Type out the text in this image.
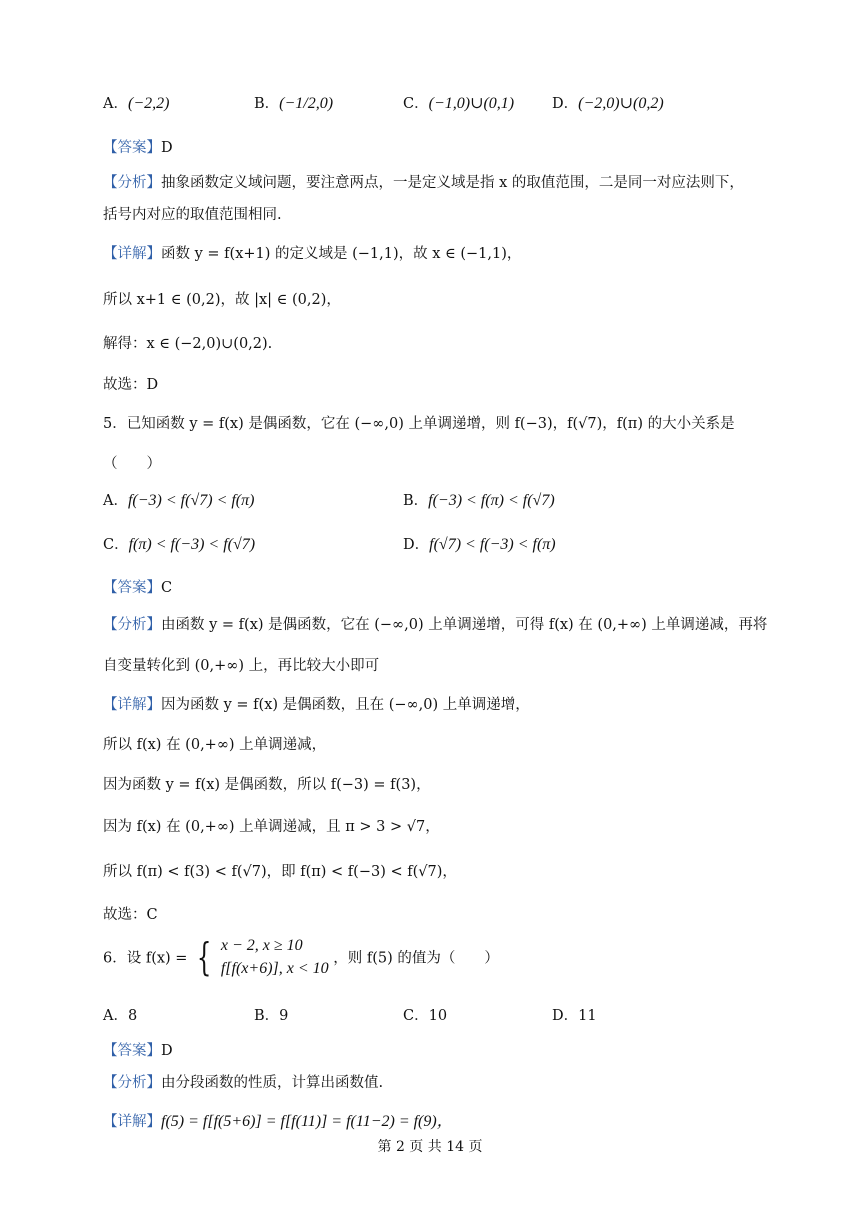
A．(−2,2)	B．(−1/2,0)	C．(−1,0)∪(0,1)	D．(−2,0)∪(0,2)
【答案】D
【分析】抽象函数定义域问题，要注意两点，一是定义域是指 x 的取值范围，二是同一对应法则下，
括号内对应的取值范围相同.
【详解】函数 y = f(x+1) 的定义域是 (−1,1)，故 x ∈ (−1,1)，
所以 x+1 ∈ (0,2)，故 |x| ∈ (0,2)，
解得：x ∈ (−2,0)∪(0,2).
故选：D
5．已知函数 y = f(x) 是偶函数，它在 (−∞,0) 上单调递增，则 f(−3)，f(√7)，f(π) 的大小关系是
（　　）
A．f(−3) < f(√7) < f(π)	B．f(−3) < f(π) < f(√7)
C．f(π) < f(−3) < f(√7)	D．f(√7) < f(−3) < f(π)
【答案】C
【分析】由函数 y = f(x) 是偶函数，它在 (−∞,0) 上单调递增，可得 f(x) 在 (0,+∞) 上单调递减，再将
自变量转化到 (0,+∞) 上，再比较大小即可
【详解】因为函数 y = f(x) 是偶函数，且在 (−∞,0) 上单调递增，
所以 f(x) 在 (0,+∞) 上单调递减，
因为函数 y = f(x) 是偶函数，所以 f(−3) = f(3)，
因为 f(x) 在 (0,+∞) 上单调递减，且 π > 3 > √7，
所以 f(π) < f(3) < f(√7)，即 f(π) < f(−3) < f(√7)，
故选：C
6．设 f(x) = { x − 2, x ≥ 10
f[f(x+6)], x < 10
，则 f(5) 的值为（　　）
A．8	B．9	C．10	D．11
【答案】D
【分析】由分段函数的性质，计算出函数值.
【详解】f(5) = f[f(5+6)] = f[f(11)] = f(11−2) = f(9)，
第 2 页 共 14 页
